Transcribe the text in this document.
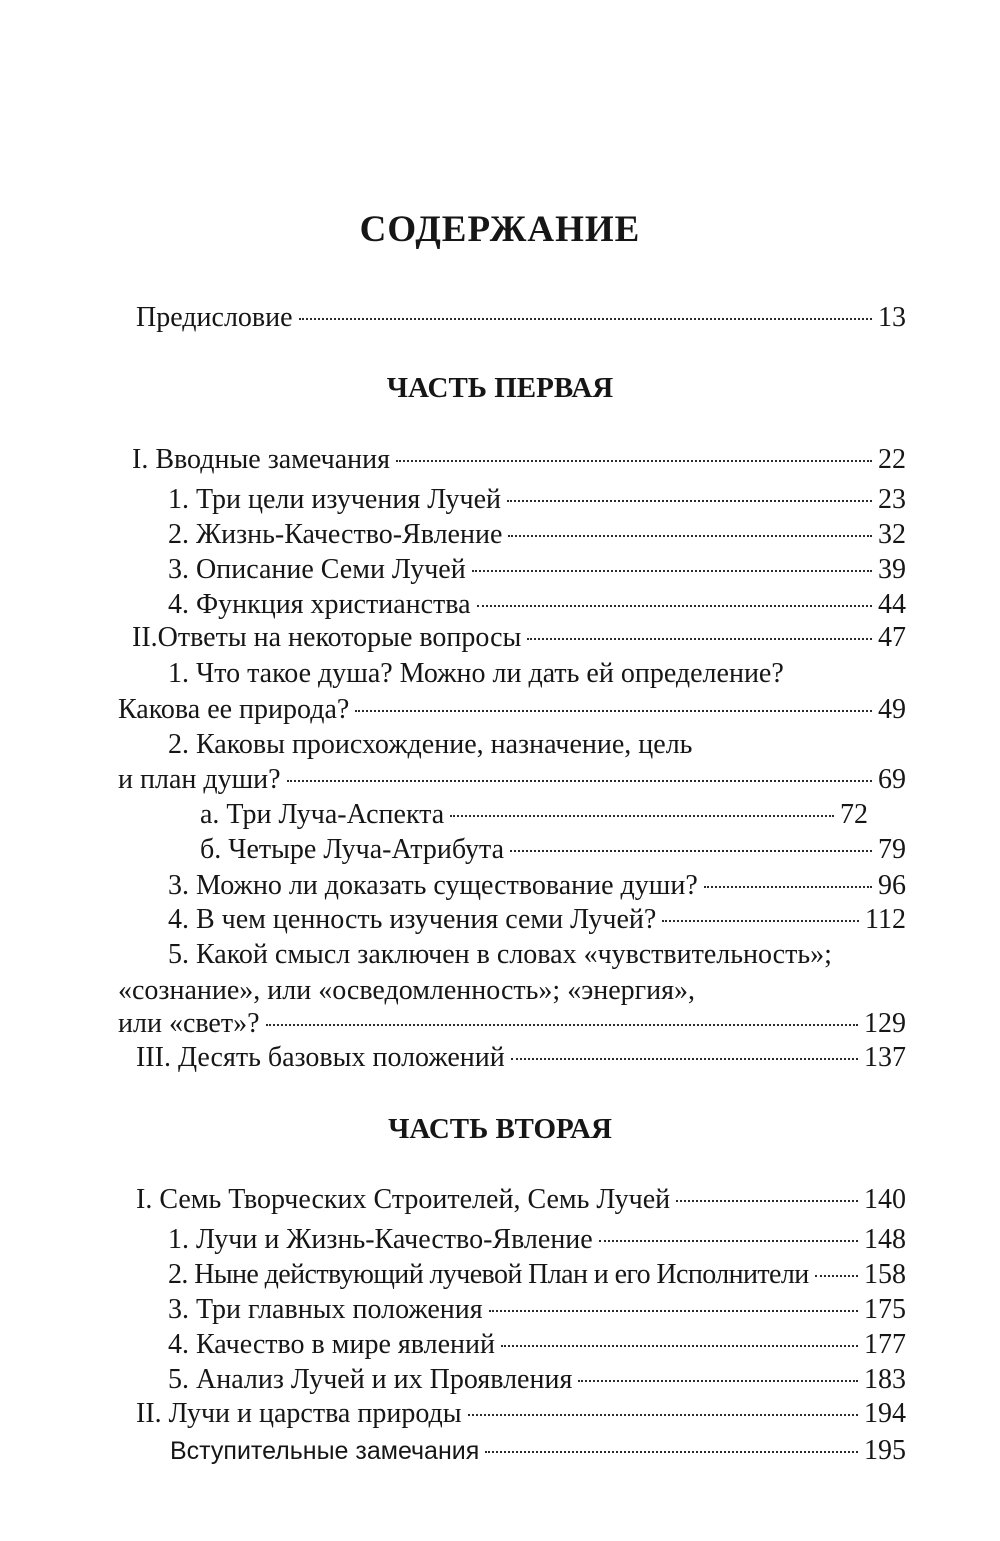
СОДЕРЖАНИЕ
Предисловие	13
ЧАСТЬ ПЕРВАЯ
I. Вводные замечания	22
1. Три цели изучения Лучей	23
2. Жизнь-Качество-Явление	32
3. Описание Семи Лучей	39
4. Функция христианства	44
II.Ответы на некоторые вопросы	47

1. Что такое душа? Можно ли дать ей определение?

Какова ее природа?	49

2. Каковы происхождение, назначение, цель

и план души?	69
а. Три Луча-Аспекта	72
б. Четыре Луча-Атрибута	79
3. Можно ли доказать существование души?	96
4. В чем ценность изучения семи Лучей?	112

5. Какой смысл заключен в словах «чувствительность»;

«сознание», или «осведомленность»; «энергия»,

или «свет»?	129
III. Десять базовых положений	137
ЧАСТЬ ВТОРАЯ
I. Семь Творческих Строителей, Семь Лучей	140
1. Лучи и Жизнь-Качество-Явление	148
2. Ныне действующий лучевой План и его Исполнители 158
3. Три главных положения	175
4. Качество в мире явлений	177
5. Анализ Лучей и их Проявления	183
II. Лучи и царства природы	194
Вступительные замечания	195
